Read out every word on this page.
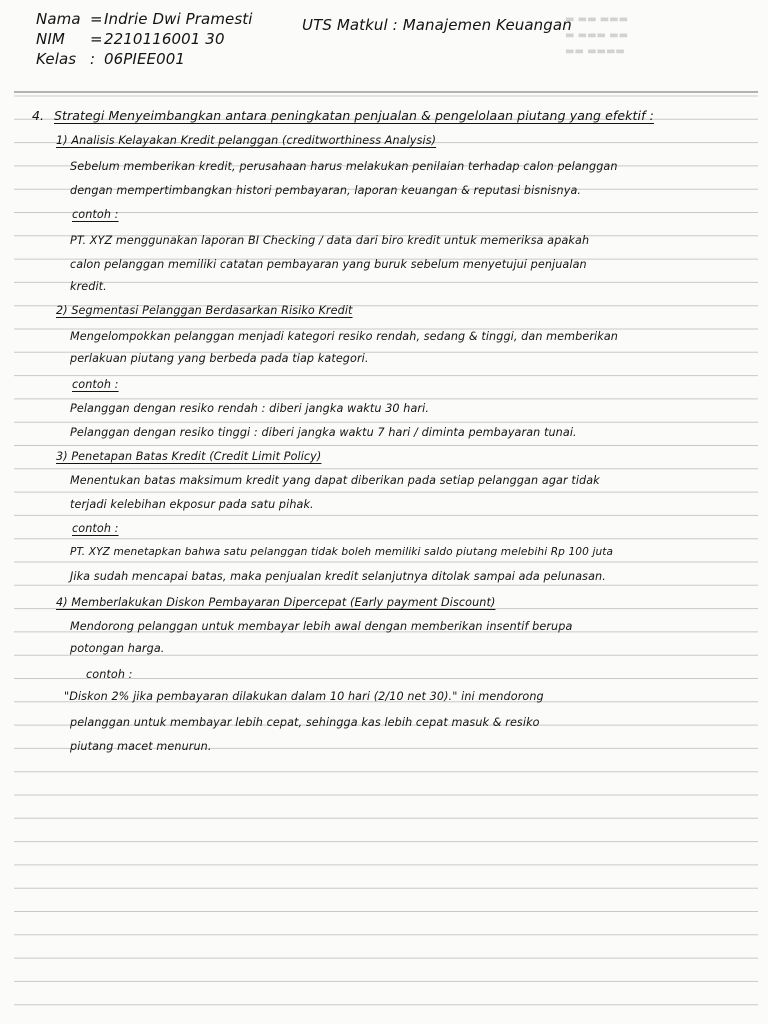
▬ ▬▬ ▬▬▬
▬ ▬▬▬ ▬▬
▬▬ ▬▬▬▬
Nama = Indrie Dwi Pramesti
NIM = 2210116001 30
Kelas : 06PIEE001
UTS Matkul : Manajemen Keuangan
4. Strategi Menyeimbangkan antara peningkatan penjualan & pengelolaan piutang yang efektif :
1) Analisis Kelayakan Kredit pelanggan (creditworthiness Analysis)
Sebelum memberikan kredit, perusahaan harus melakukan penilaian terhadap calon pelanggan
dengan mempertimbangkan histori pembayaran, laporan keuangan & reputasi bisnisnya.
contoh :
PT. XYZ menggunakan laporan BI Checking / data dari biro kredit untuk memeriksa apakah
calon pelanggan memiliki catatan pembayaran yang buruk sebelum menyetujui penjualan
kredit.
2) Segmentasi Pelanggan Berdasarkan Risiko Kredit
Mengelompokkan pelanggan menjadi kategori resiko rendah, sedang & tinggi, dan memberikan
perlakuan piutang yang berbeda pada tiap kategori.
contoh :
Pelanggan dengan resiko rendah : diberi jangka waktu 30 hari.
Pelanggan dengan resiko tinggi : diberi jangka waktu 7 hari / diminta pembayaran tunai.
3) Penetapan Batas Kredit (Credit Limit Policy)
Menentukan batas maksimum kredit yang dapat diberikan pada setiap pelanggan agar tidak
terjadi kelebihan ekposur pada satu pihak.
contoh :
PT. XYZ menetapkan bahwa satu pelanggan tidak boleh memiliki saldo piutang melebihi Rp 100 juta
Jika sudah mencapai batas, maka penjualan kredit selanjutnya ditolak sampai ada pelunasan.
4) Memberlakukan Diskon Pembayaran Dipercepat (Early payment Discount)
Mendorong pelanggan untuk membayar lebih awal dengan memberikan insentif berupa
potongan harga.
contoh :
"Diskon 2% jika pembayaran dilakukan dalam 10 hari (2/10 net 30)." ini mendorong
pelanggan untuk membayar lebih cepat, sehingga kas lebih cepat masuk & resiko
piutang macet menurun.
